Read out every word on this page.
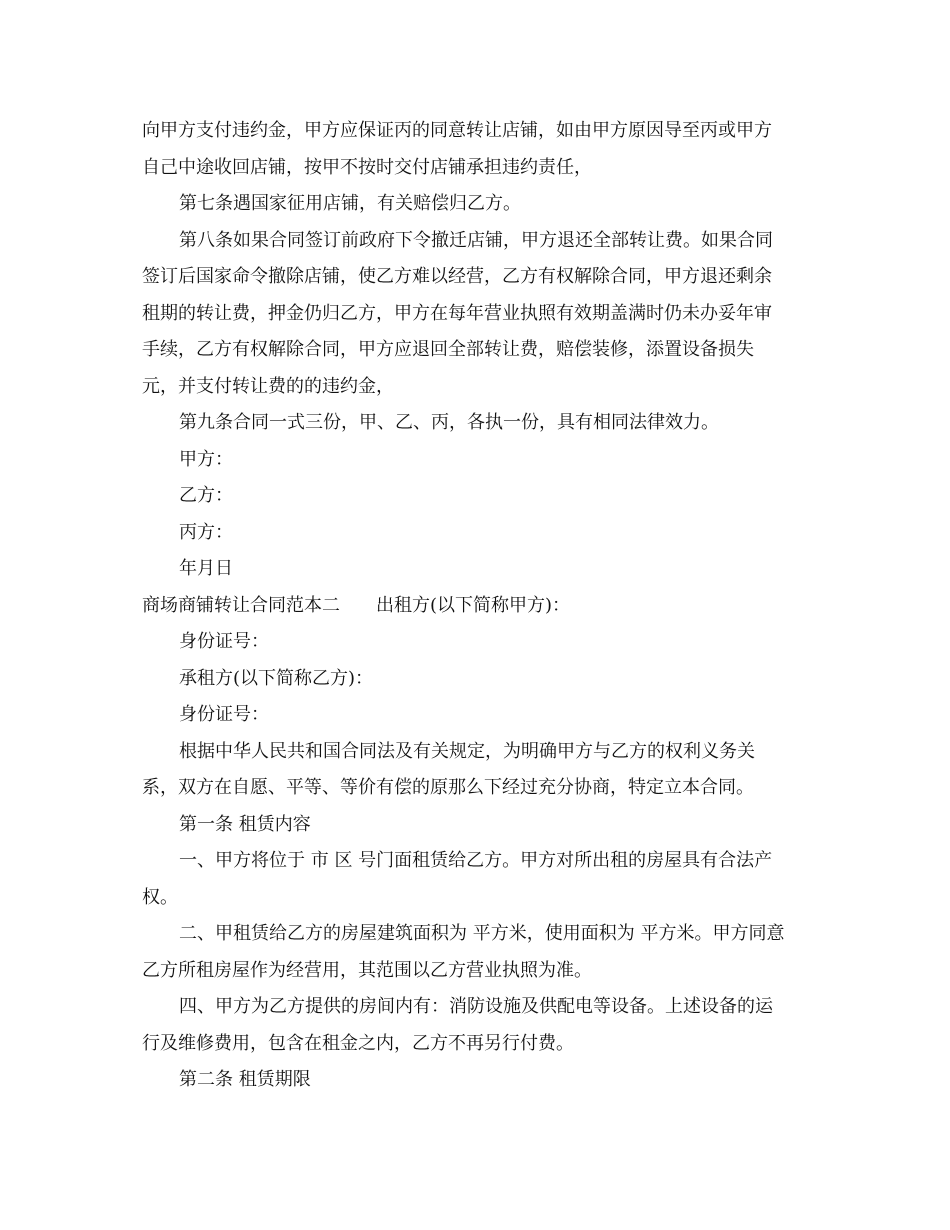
向甲方支付违约金，甲方应保证丙的同意转让店铺，如由甲方原因导至丙或甲方
自己中途收回店铺，按甲不按时交付店铺承担违约责任，
第七条遇国家征用店铺，有关赔偿归乙方。
第八条如果合同签订前政府下令撤迁店铺，甲方退还全部转让费。如果合同
签订后国家命令撤除店铺，使乙方难以经营，乙方有权解除合同，甲方退还剩余
租期的转让费，押金仍归乙方，甲方在每年营业执照有效期盖满时仍未办妥年审
手续，乙方有权解除合同，甲方应退回全部转让费，赔偿装修，添置设备损失
元，并支付转让费的的违约金，
第九条合同一式三份，甲、乙、丙，各执一份，具有相同法律效力。
甲方：
乙方：
丙方：
年月日
商场商铺转让合同范本二 出租方(以下简称甲方)：
身份证号：
承租方(以下简称乙方)：
身份证号：
根据中华人民共和国合同法及有关规定，为明确甲方与乙方的权利义务关
系，双方在自愿、平等、等价有偿的原那么下经过充分协商，特定立本合同。
第一条 租赁内容
一、甲方将位于 市 区 号门面租赁给乙方。甲方对所出租的房屋具有合法产
权。
二、甲租赁给乙方的房屋建筑面积为 平方米，使用面积为 平方米。甲方同意
乙方所租房屋作为经营用，其范围以乙方营业执照为准。
四、甲方为乙方提供的房间内有：消防设施及供配电等设备。上述设备的运
行及维修费用，包含在租金之内，乙方不再另行付费。
第二条 租赁期限
